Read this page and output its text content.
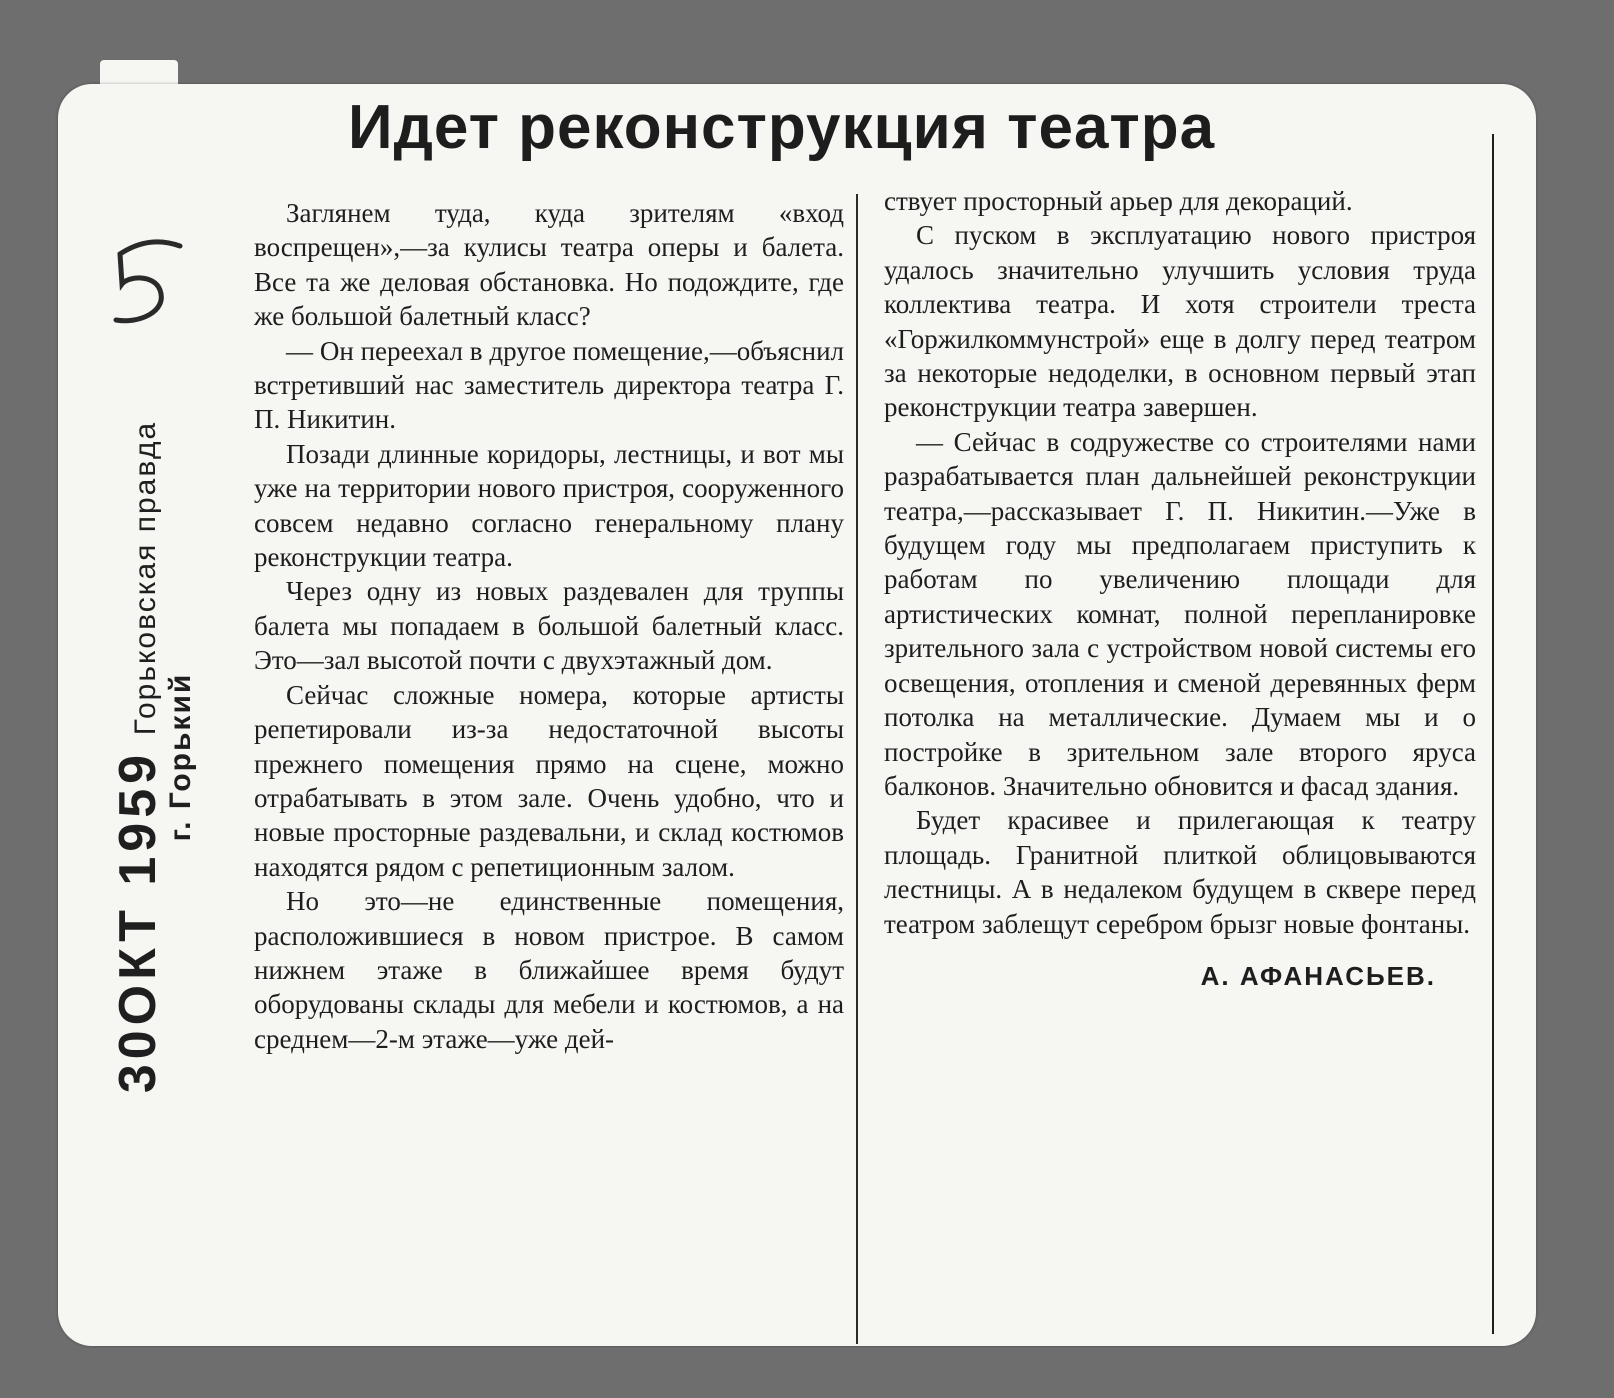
30ОКТ 1959 Горьковская правда
г. Горький
Идет реконструкция театра

Заглянем туда, куда зрителям «вход воспрещен»,—за кулисы театра оперы и балета. Все та же деловая обстановка. Но подождите, где же большой балетный класс?

— Он переехал в другое помещение,—объяснил встретивший нас заместитель директора театра Г. П. Никитин.

Позади длинные коридоры, лестницы, и вот мы уже на территории нового пристроя, сооруженного совсем недавно согласно генеральному плану реконструкции театра.

Через одну из новых раздевален для труппы балета мы попадаем в большой балетный класс. Это—зал высотой почти с двухэтажный дом.

Сейчас сложные номера, которые артисты репетировали из-за недостаточной высоты прежнего помещения прямо на сцене, можно отрабатывать в этом зале. Очень удобно, что и новые просторные раздевальни, и склад костюмов находятся рядом с репетиционным залом.

Но это—не единственные помещения, расположившиеся в новом пристрое. В самом нижнем этаже в ближайшее время будут оборудованы склады для мебели и костюмов, а на среднем—2-м этаже—уже дей-

ствует просторный арьер для декораций.

С пуском в эксплуатацию нового пристроя удалось значительно улучшить условия труда коллектива театра. И хотя строители треста «Горжилкоммунстрой» еще в долгу перед театром за некоторые недоделки, в основном первый этап реконструкции театра завершен.

— Сейчас в содружестве со строителями нами разрабатывается план дальнейшей реконструкции театра,—рассказывает Г. П. Никитин.—Уже в будущем году мы предполагаем приступить к работам по увеличению площади для артистических комнат, полной перепланировке зрительного зала с устройством новой системы его освещения, отопления и сменой деревянных ферм потолка на металлические. Думаем мы и о постройке в зрительном зале второго яруса балконов. Значительно обновится и фасад здания.

Будет красивее и прилегающая к театру площадь. Гранитной плиткой облицовываются лестницы. А в недалеком будущем в сквере перед театром заблещут серебром брызг новые фонтаны.

А. АФАНАСЬЕВ.
